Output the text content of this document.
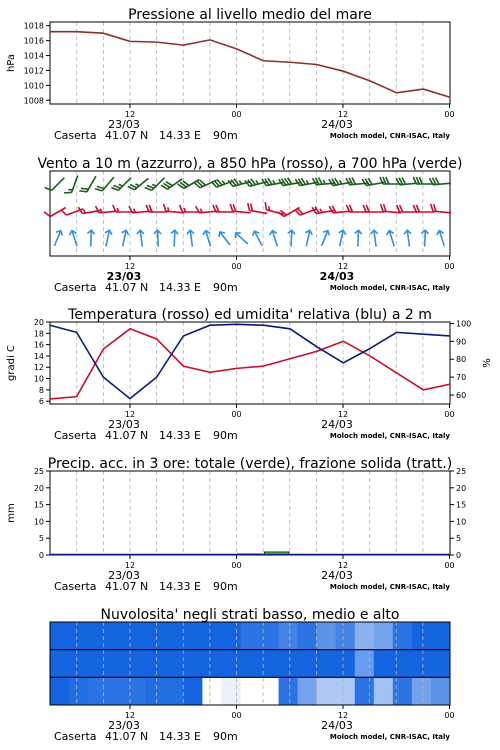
12	00	12	00
23/03	24/03
Caserta 41.07 N 14.33 E 90m	Moloch model, CNR-ISAC, Italy
Pressione al livello medio del mare
1008
1010
1012
1014
1016
1018
hPa
12	00	12	00
23/03	24/03
Caserta 41.07 N 14.33 E 90m	Moloch model, CNR-ISAC, Italy
Vento a 10 m (azzurro), a 850 hPa (rosso), a 700 hPa (verde)
12	00	12	00
23/03	24/03
Caserta 41.07 N 14.33 E 90m	Moloch model, CNR-ISAC, Italy
Temperatura (rosso) ed umidita' relativa (blu) a 2 m
6
8
10
12
14
16
18
20
60
70
80
90
100
gradi C	%
12	00	12	00
23/03	24/03
Caserta 41.07 N 14.33 E 90m	Moloch model, CNR-ISAC, Italy
Precip. acc. in 3 ore: totale (verde), frazione solida (tratt.)
0	0
5	5
10	10
15	15
20	20
25	25
mm
12	00	12	00
23/03	24/03
Caserta 41.07 N 14.33 E 90m	Moloch model, CNR-ISAC, Italy
Nuvolosita' negli strati basso, medio e alto
